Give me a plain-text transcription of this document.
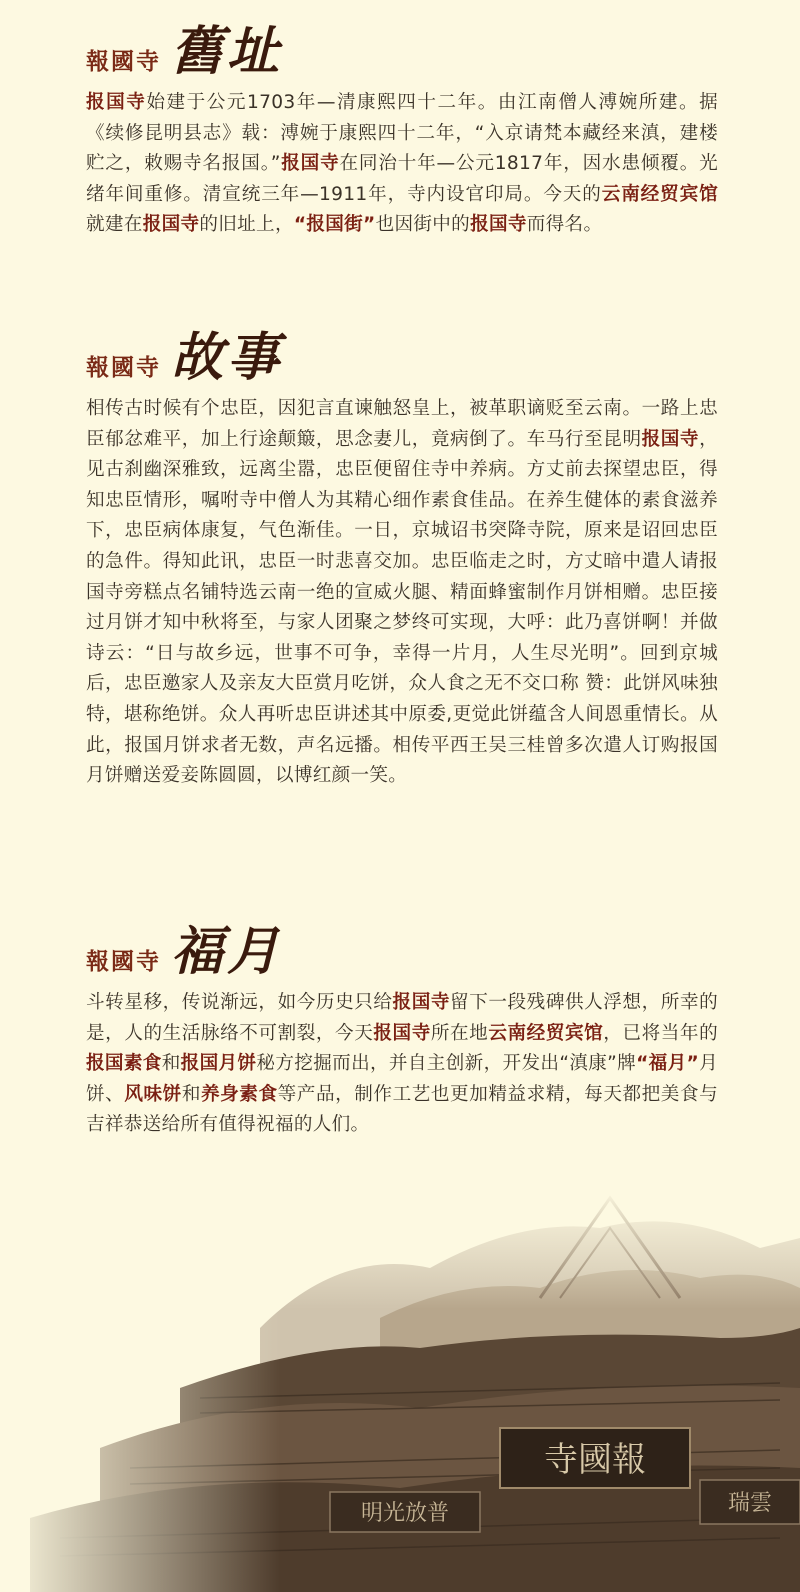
報國寺 舊址

报国寺始建于公元1703年—清康熙四十二年。由江南僧人溥婉所建。据《续修昆明县志》载：溥婉于康熙四十二年，“入京请梵本藏经来滇，建楼贮之，敕赐寺名报国。”报国寺在同治十年—公元1817年，因水患倾覆。光绪年间重修。清宣统三年—1911年，寺内设官印局。今天的云南经贸宾馆就建在报国寺的旧址上，“报国街”也因街中的报国寺而得名。

報國寺 故事

相传古时候有个忠臣，因犯言直谏触怒皇上，被革职谪贬至云南。一路上忠臣郁忿难平，加上行途颠簸，思念妻儿，竟病倒了。车马行至昆明报国寺，见古刹幽深雅致，远离尘嚣，忠臣便留住寺中养病。方丈前去探望忠臣，得知忠臣情形，嘱咐寺中僧人为其精心细作素食佳品。在养生健体的素食滋养下，忠臣病体康复，气色渐佳。一日，京城诏书突降寺院，原来是诏回忠臣的急件。得知此讯，忠臣一时悲喜交加。忠臣临走之时，方丈暗中遣人请报国寺旁糕点名铺特选云南一绝的宣威火腿、精面蜂蜜制作月饼相赠。忠臣接过月饼才知中秋将至，与家人团聚之梦终可实现，大呼：此乃喜饼啊！并做诗云：“日与故乡远，世事不可争，幸得一片月，人生尽光明”。回到京城后，忠臣邀家人及亲友大臣赏月吃饼，众人食之无不交口称 赞：此饼风味独特，堪称绝饼。众人再听忠臣讲述其中原委,更觉此饼蕴含人间恩重情长。从此，报国月饼求者无数，声名远播。相传平西王吴三桂曾多次遣人订购报国月饼赠送爱妾陈圆圆，以博红颜一笑。

報國寺 福月

斗转星移，传说渐远，如今历史只给报国寺留下一段残碑供人浮想，所幸的是，人的生活脉络不可割裂，今天报国寺所在地云南经贸宾馆，已将当年的报国素食和报国月饼秘方挖掘而出，并自主创新，开发出“滇康”牌“福月”月饼、风味饼和养身素食等产品，制作工艺也更加精益求精，每天都把美食与吉祥恭送给所有值得祝福的人们。
